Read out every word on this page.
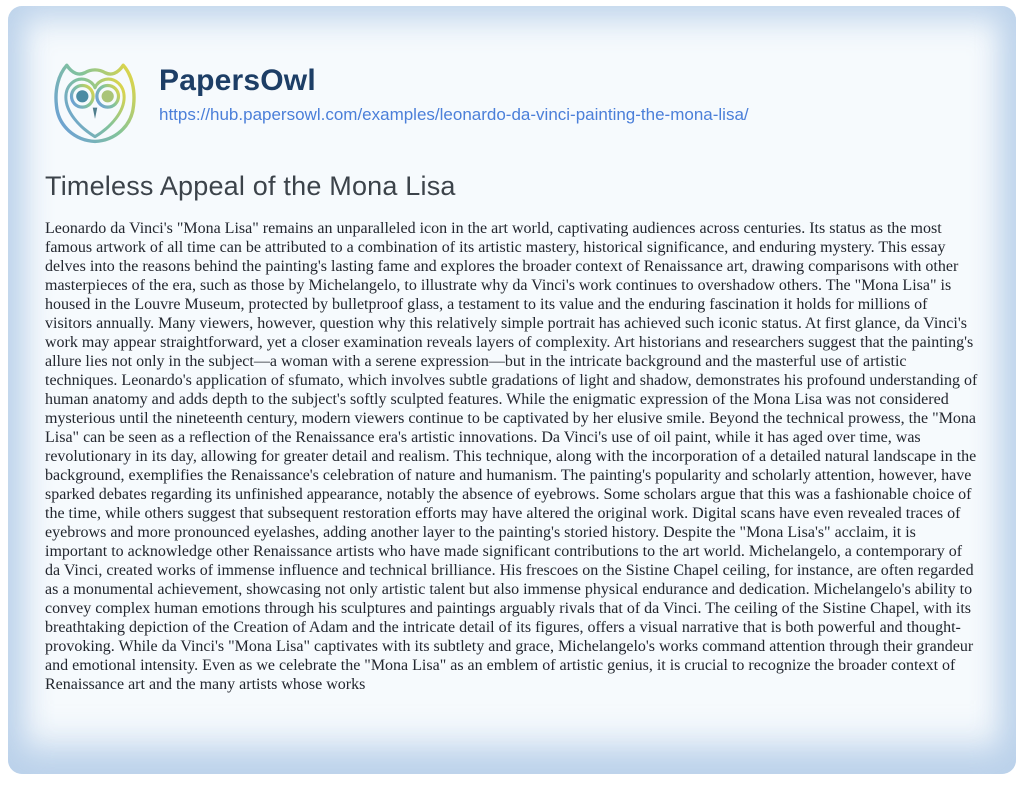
PapersOwl
https://hub.papersowl.com/examples/leonardo-da-vinci-painting-the-mona-lisa/
Timeless Appeal of the Mona Lisa

Leonardo da Vinci's "Mona Lisa" remains an unparalleled icon in the art world, captivating audiences across centuries. Its status as the most famous artwork of all time can be attributed to a combination of its artistic mastery, historical significance, and enduring mystery. This essay delves into the reasons behind the painting's lasting fame and explores the broader context of Renaissance art, drawing comparisons with other masterpieces of the era, such as those by Michelangelo, to illustrate why da Vinci's work continues to overshadow others. The "Mona Lisa" is housed in the Louvre Museum, protected by bulletproof glass, a testament to its value and the enduring fascination it holds for millions of visitors annually. Many viewers, however, question why this relatively simple portrait has achieved such iconic status. At first glance, da Vinci's work may appear straightforward, yet a closer examination reveals layers of complexity. Art historians and researchers suggest that the painting's allure lies not only in the subject—a woman with a serene expression—but in the intricate background and the masterful use of artistic techniques. Leonardo's application of sfumato, which involves subtle gradations of light and shadow, demonstrates his profound understanding of human anatomy and adds depth to the subject's softly sculpted features. While the enigmatic expression of the Mona Lisa was not considered mysterious until the nineteenth century, modern viewers continue to be captivated by her elusive smile. Beyond the technical prowess, the "Mona Lisa" can be seen as a reflection of the Renaissance era's artistic innovations. Da Vinci's use of oil paint, while it has aged over time, was revolutionary in its day, allowing for greater detail and realism. This technique, along with the incorporation of a detailed natural landscape in the background, exemplifies the Renaissance's celebration of nature and humanism. The painting's popularity and scholarly attention, however, have sparked debates regarding its unfinished appearance, notably the absence of eyebrows. Some scholars argue that this was a fashionable choice of the time, while others suggest that subsequent restoration efforts may have altered the original work. Digital scans have even revealed traces of eyebrows and more pronounced eyelashes, adding another layer to the painting's storied history. Despite the "Mona Lisa's" acclaim, it is important to acknowledge other Renaissance artists who have made significant contributions to the art world. Michelangelo, a contemporary of da Vinci, created works of immense influence and technical brilliance. His frescoes on the Sistine Chapel ceiling, for instance, are often regarded as a monumental achievement, showcasing not only artistic talent but also immense physical endurance and dedication. Michelangelo's ability to convey complex human emotions through his sculptures and paintings arguably rivals that of da Vinci. The ceiling of the Sistine Chapel, with its breathtaking depiction of the Creation of Adam and the intricate detail of its figures, offers a visual narrative that is both powerful and thought-provoking. While da Vinci's "Mona Lisa" captivates with its subtlety and grace, Michelangelo's works command attention through their grandeur and emotional intensity. Even as we celebrate the "Mona Lisa" as an emblem of artistic genius, it is crucial to recognize the broader context of Renaissance art and the many artists whose works
